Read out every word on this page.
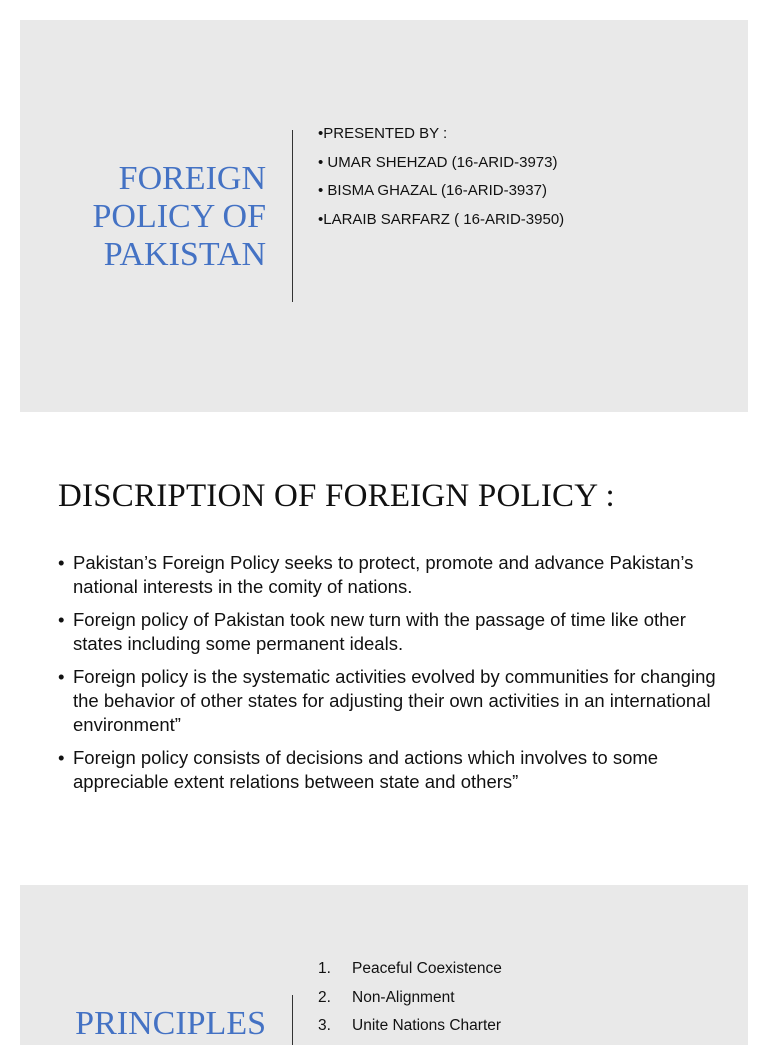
FOREIGN
POLICY OF
PAKISTAN
•PRESENTED BY :
• UMAR SHEHZAD (16-ARID-3973)
• BISMA GHAZAL (16-ARID-3937)
•LARAIB SARFARZ ( 16-ARID-3950)
DISCRIPTION OF FOREIGN POLICY :
• Pakistan’s Foreign Policy seeks to protect, promote and advance Pakistan’s national interests in the comity of nations.
• Foreign policy of Pakistan took new turn with the passage of time like other states including some permanent ideals.
• Foreign policy is the systematic activities evolved by communities for changing the behavior of other states for adjusting their own activities in an international environment”
• Foreign policy consists of decisions and actions which involves to some appreciable extent relations between state and others”
PRINCIPLES
1. Peaceful Coexistence
2. Non-Alignment
3. Unite Nations Charter
